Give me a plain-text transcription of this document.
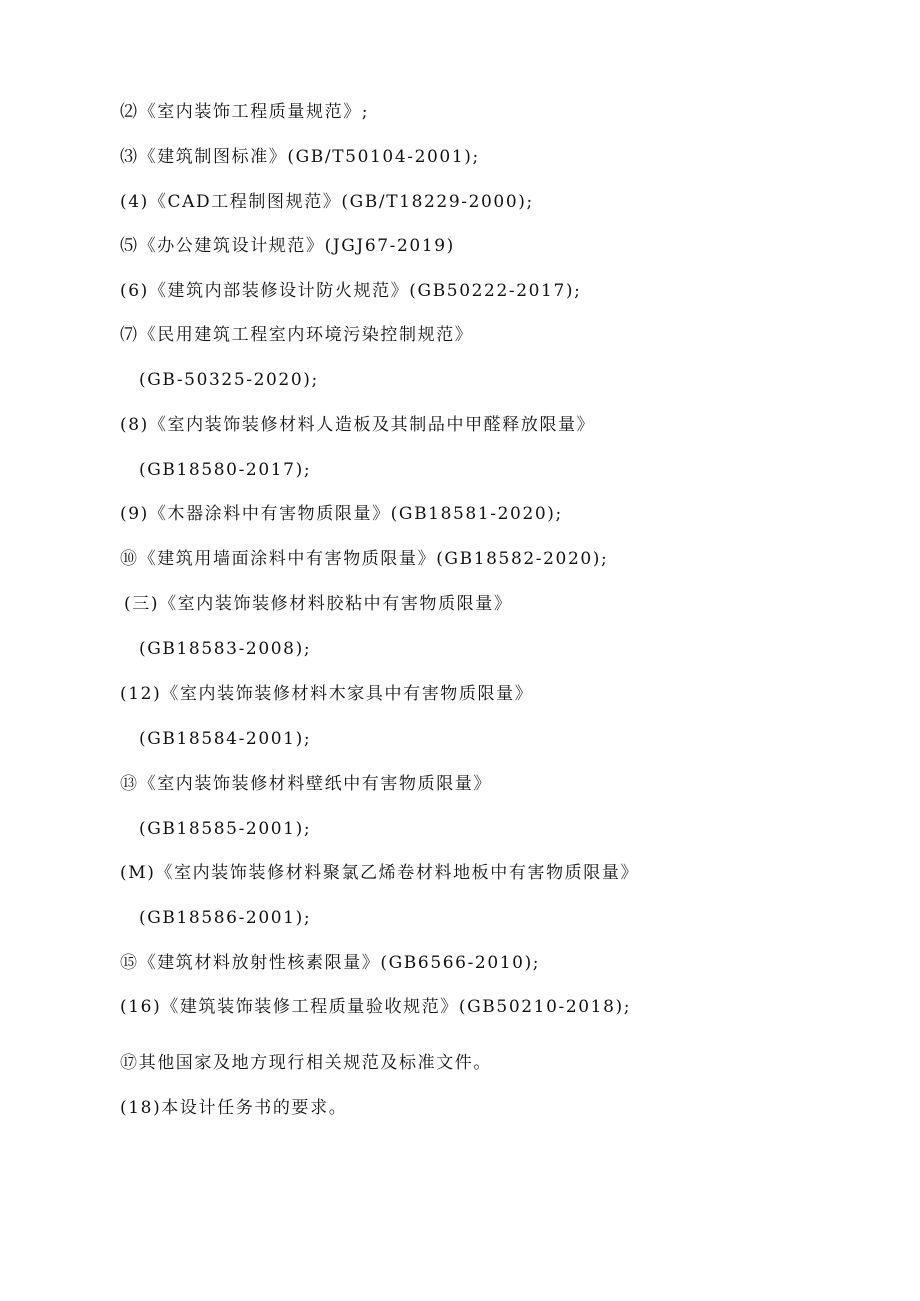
⑵《室内装饰工程质量规范》;
⑶《建筑制图标准》(GB/T50104-2001);
(4)《CAD工程制图规范》(GB/T18229-2000);
⑸《办公建筑设计规范》(JGJ67-2019)
(6)《建筑内部装修设计防火规范》(GB50222-2017);
⑺《民用建筑工程室内环境污染控制规范》
(GB-50325-2020);
(8)《室内装饰装修材料人造板及其制品中甲醛释放限量》
(GB18580-2017);
(9)《木器涂料中有害物质限量》(GB18581-2020);
⑩《建筑用墙面涂料中有害物质限量》(GB18582-2020);
(三)《室内装饰装修材料胶粘中有害物质限量》
(GB18583-2008);
(12)《室内装饰装修材料木家具中有害物质限量》
(GB18584-2001);
⑬《室内装饰装修材料壁纸中有害物质限量》
(GB18585-2001);
(M)《室内装饰装修材料聚氯乙烯卷材料地板中有害物质限量》
(GB18586-2001);
⑮《建筑材料放射性核素限量》(GB6566-2010);
(16)《建筑装饰装修工程质量验收规范》(GB50210-2018);
⑰其他国家及地方现行相关规范及标准文件。
(18)本设计任务书的要求。
